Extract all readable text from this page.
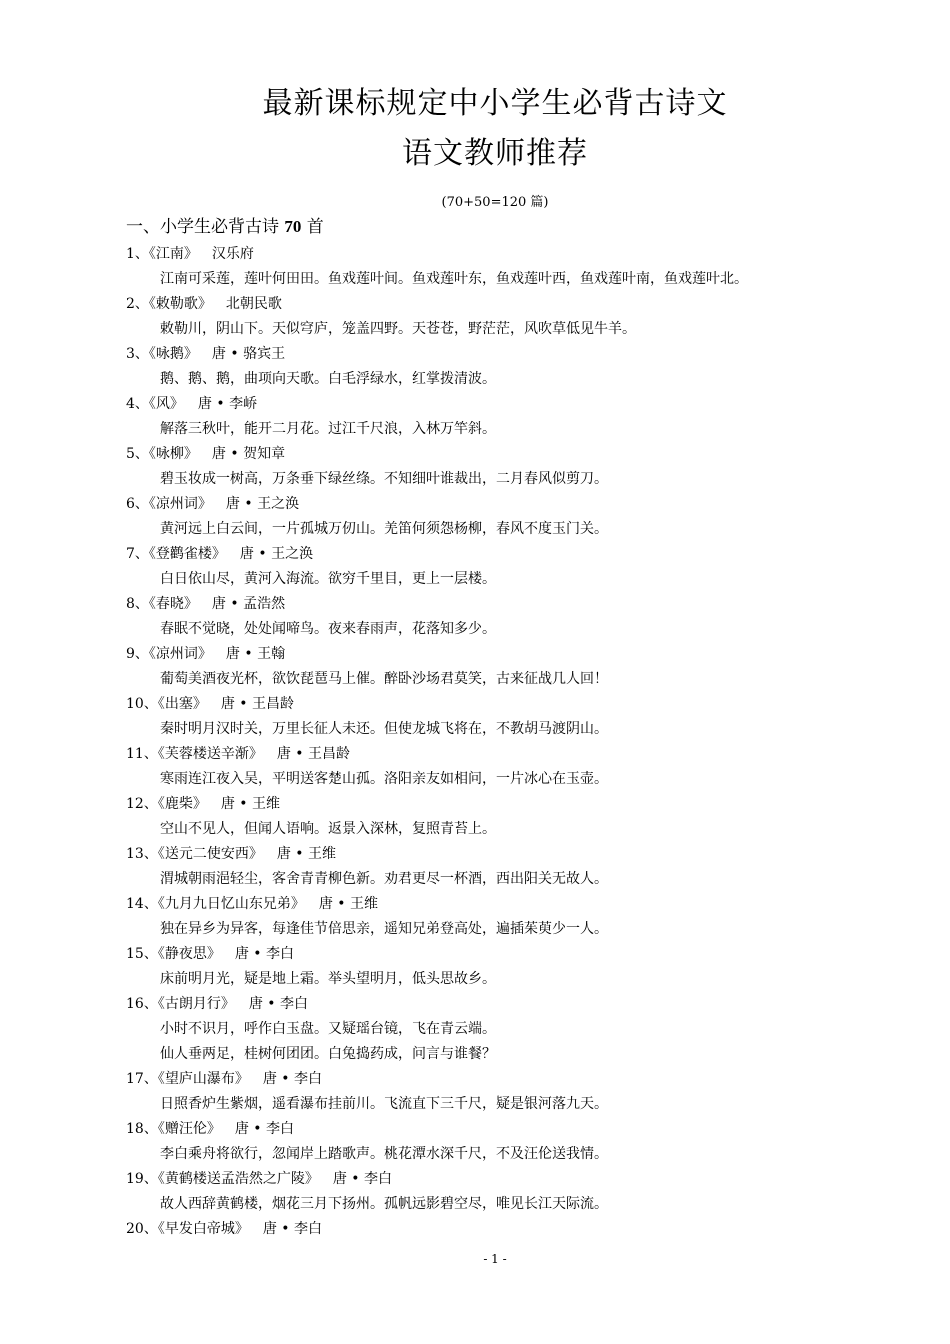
最新课标规定中小学生必背古诗文
语文教师推荐
(70+50=120 篇)
一、小学生必背古诗 70 首
1、《江南》 汉乐府
江南可采莲，莲叶何田田。鱼戏莲叶间。鱼戏莲叶东，鱼戏莲叶西，鱼戏莲叶南，鱼戏莲叶北。
2、《敕勒歌》 北朝民歌
敕勒川，阴山下。天似穹庐，笼盖四野。天苍苍，野茫茫，风吹草低见牛羊。
3、《咏鹅》 唐 • 骆宾王
鹅、鹅、鹅，曲项向天歌。白毛浮绿水，红掌拨清波。
4、《风》 唐 • 李峤
解落三秋叶，能开二月花。过江千尺浪，入林万竿斜。
5、《咏柳》 唐 • 贺知章
碧玉妆成一树高，万条垂下绿丝绦。不知细叶谁裁出，二月春风似剪刀。
6、《凉州词》 唐 • 王之涣
黄河远上白云间，一片孤城万仞山。羌笛何须怨杨柳，春风不度玉门关。
7、《登鹳雀楼》 唐 • 王之涣
白日依山尽，黄河入海流。欲穷千里目，更上一层楼。
8、《春晓》 唐 • 孟浩然
春眠不觉晓，处处闻啼鸟。夜来春雨声，花落知多少。
9、《凉州词》 唐 • 王翰
葡萄美酒夜光杯，欲饮琵琶马上催。醉卧沙场君莫笑，古来征战几人回！
10、《出塞》 唐 • 王昌龄
秦时明月汉时关，万里长征人未还。但使龙城飞将在，不教胡马渡阴山。
11、《芙蓉楼送辛渐》 唐 • 王昌龄
寒雨连江夜入吴，平明送客楚山孤。洛阳亲友如相问，一片冰心在玉壶。
12、《鹿柴》 唐 • 王维
空山不见人，但闻人语响。返景入深林，复照青苔上。
13、《送元二使安西》 唐 • 王维
渭城朝雨浥轻尘，客舍青青柳色新。劝君更尽一杯酒，西出阳关无故人。
14、《九月九日忆山东兄弟》 唐 • 王维
独在异乡为异客，每逢佳节倍思亲，遥知兄弟登高处，遍插茱萸少一人。
15、《静夜思》 唐 • 李白
床前明月光，疑是地上霜。举头望明月，低头思故乡。
16、《古朗月行》 唐 • 李白
小时不识月，呼作白玉盘。又疑瑶台镜，飞在青云端。
仙人垂两足，桂树何团团。白兔捣药成，问言与谁餐？
17、《望庐山瀑布》 唐 • 李白
日照香炉生紫烟，遥看瀑布挂前川。飞流直下三千尺，疑是银河落九天。
18、《赠汪伦》 唐 • 李白
李白乘舟将欲行，忽闻岸上踏歌声。桃花潭水深千尺，不及汪伦送我情。
19、《黄鹤楼送孟浩然之广陵》 唐 • 李白
故人西辞黄鹤楼，烟花三月下扬州。孤帆远影碧空尽，唯见长江天际流。
20、《早发白帝城》 唐 • 李白
- 1 -
